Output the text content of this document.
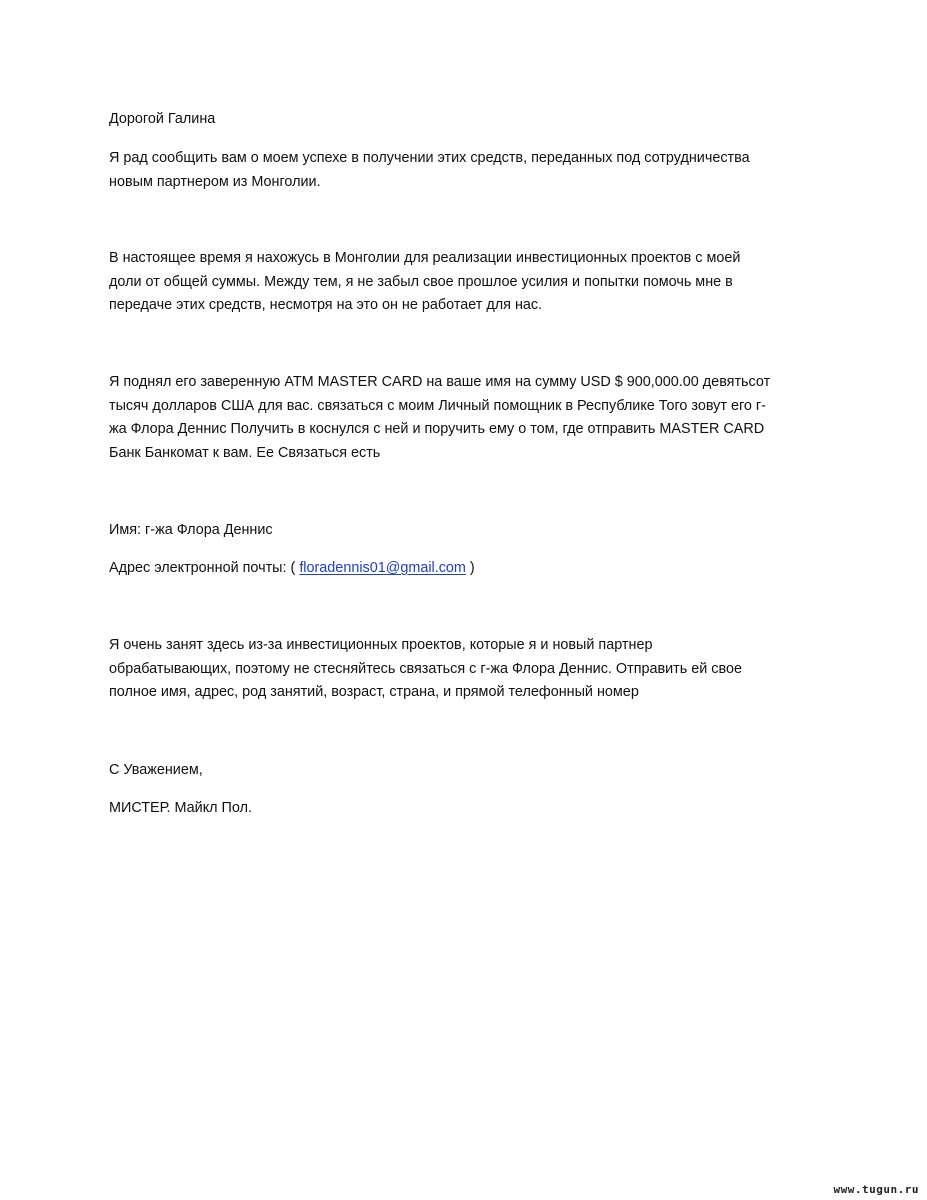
Дорогой Галина

Я рад сообщить вам о моем успехе в получении этих средств, переданных под сотрудничества
новым партнером из Монголии.

В настоящее время я нахожусь в Монголии для реализации инвестиционных проектов с моей
доли от общей суммы. Между тем, я не забыл свое прошлое усилия и попытки помочь мне в
передаче этих средств, несмотря на это он не работает для нас.

Я поднял его заверенную ATM MASTER CARD на ваше имя на сумму USD $ 900,000.00 девятьсот
тысяч долларов США для вас. связаться с моим Личный помощник в Республике Того зовут его г-
жа Флора Деннис Получить в коснулся с ней и поручить ему о том, где отправить MASTER CARD
Банк Банкомат к вам. Ее Связаться есть

Имя: г-жа Флора Деннис

Адрес электронной почты: ( floradennis01@gmail.com )

Я очень занят здесь из-за инвестиционных проектов, которые я и новый партнер
обрабатывающих, поэтому не стесняйтесь связаться с г-жа Флора Деннис. Отправить ей свое
полное имя, адрес, род занятий, возраст, страна, и прямой телефонный номер

С Уважением,

МИСТЕР. Майкл Пол.

www.tugun.ru
